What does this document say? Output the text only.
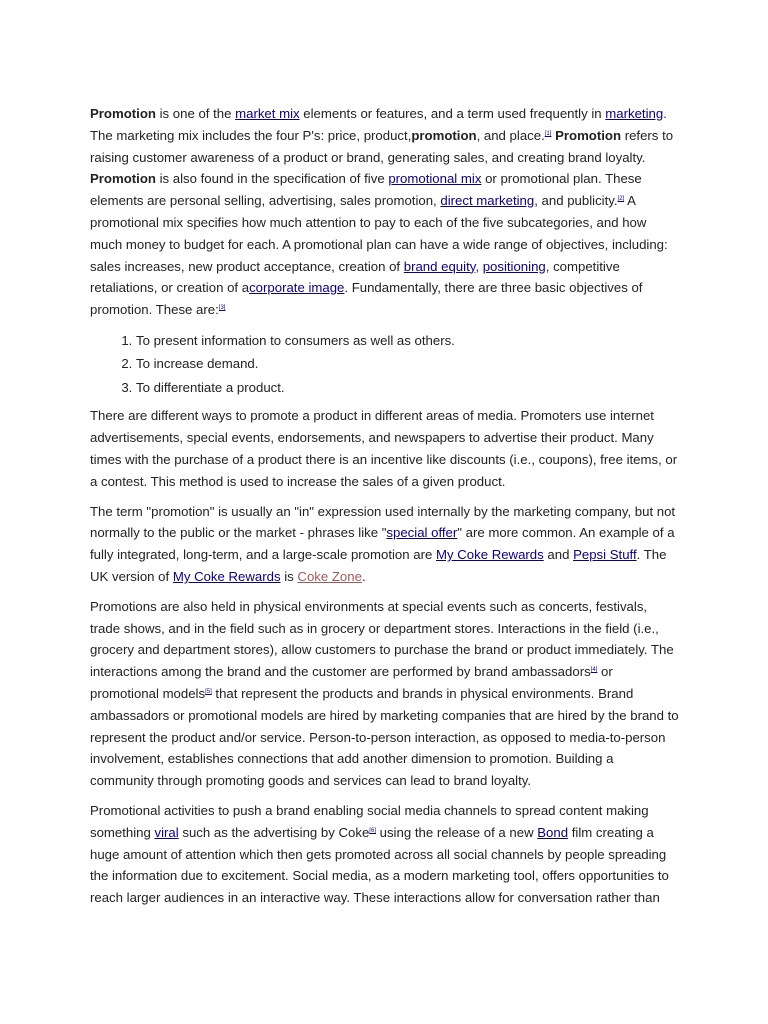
Promotion is one of the market mix elements or features, and a term used frequently in marketing. The marketing mix includes the four P's: price, product,promotion, and place.[1] Promotion refers to raising customer awareness of a product or brand, generating sales, and creating brand loyalty. Promotion is also found in the specification of five promotional mix or promotional plan. These elements are personal selling, advertising, sales promotion, direct marketing, and publicity.[2] A promotional mix specifies how much attention to pay to each of the five subcategories, and how much money to budget for each. A promotional plan can have a wide range of objectives, including: sales increases, new product acceptance, creation of brand equity, positioning, competitive retaliations, or creation of acorporate image. Fundamentally, there are three basic objectives of promotion. These are:[3]

1. To present information to consumers as well as others.
2. To increase demand.
3. To differentiate a product.

There are different ways to promote a product in different areas of media. Promoters use internet advertisements, special events, endorsements, and newspapers to advertise their product. Many times with the purchase of a product there is an incentive like discounts (i.e., coupons), free items, or a contest. This method is used to increase the sales of a given product.

The term "promotion" is usually an "in" expression used internally by the marketing company, but not normally to the public or the market - phrases like "special offer" are more common. An example of a fully integrated, long-term, and a large-scale promotion are My Coke Rewards and Pepsi Stuff. The UK version of My Coke Rewards is Coke Zone.

Promotions are also held in physical environments at special events such as concerts, festivals, trade shows, and in the field such as in grocery or department stores. Interactions in the field (i.e., grocery and department stores), allow customers to purchase the brand or product immediately. The interactions among the brand and the customer are performed by brand ambassadors[4] or promotional models[5] that represent the products and brands in physical environments. Brand ambassadors or promotional models are hired by marketing companies that are hired by the brand to represent the product and/or service. Person-to-person interaction, as opposed to media-to-person involvement, establishes connections that add another dimension to promotion. Building a community through promoting goods and services can lead to brand loyalty.

Promotional activities to push a brand enabling social media channels to spread content making something viral such as the advertising by Coke[6] using the release of a new Bond film creating a huge amount of attention which then gets promoted across all social channels by people spreading the information due to excitement. Social media, as a modern marketing tool, offers opportunities to reach larger audiences in an interactive way. These interactions allow for conversation rather than
